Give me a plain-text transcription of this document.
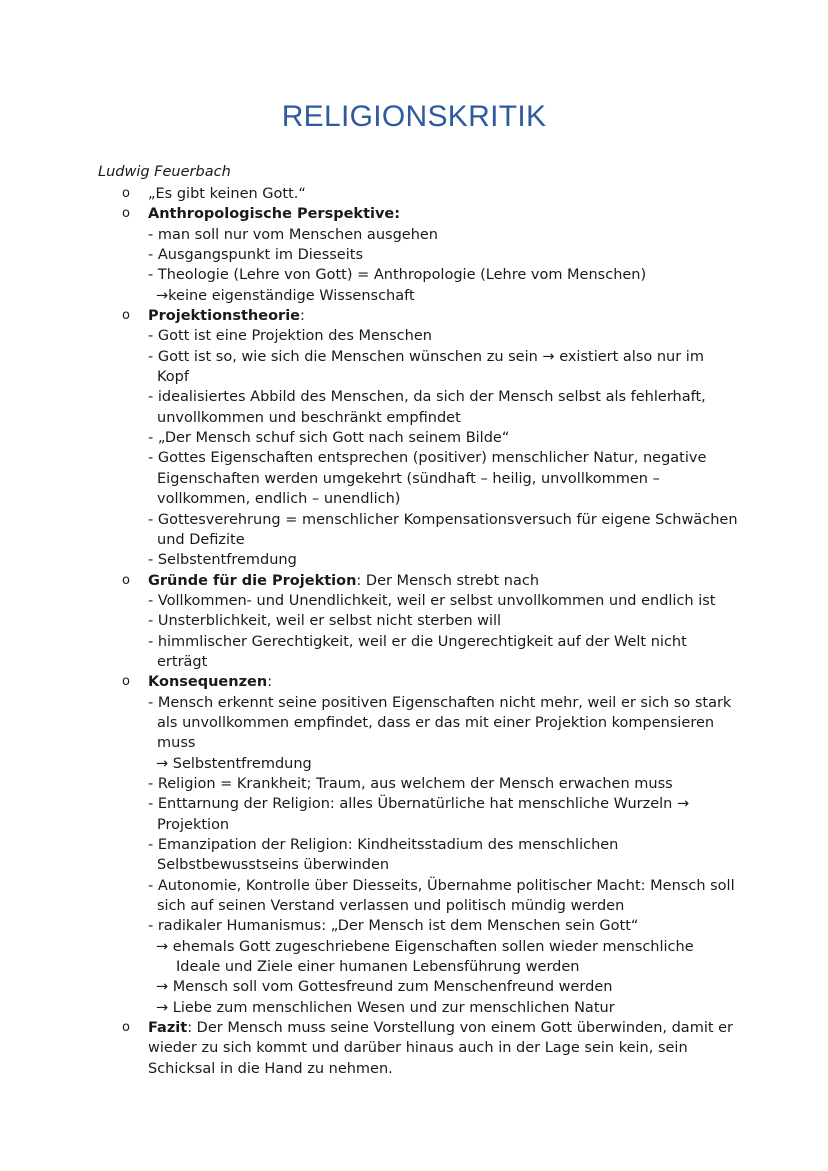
RELIGIONSKRITIK
Ludwig Feuerbach
o „Es gibt keinen Gott.“
o Anthropologische Perspektive:
- man soll nur vom Menschen ausgehen
- Ausgangspunkt im Diesseits
- Theologie (Lehre von Gott) = Anthropologie (Lehre vom Menschen)
→keine eigenständige Wissenschaft
o Projektionstheorie:
- Gott ist eine Projektion des Menschen
- Gott ist so, wie sich die Menschen wünschen zu sein → existiert also nur im Kopf
- idealisiertes Abbild des Menschen, da sich der Mensch selbst als fehlerhaft, unvollkommen und beschränkt empfindet
- „Der Mensch schuf sich Gott nach seinem Bilde“
- Gottes Eigenschaften entsprechen (positiver) menschlicher Natur, negative Eigenschaften werden umgekehrt (sündhaft – heilig, unvollkommen – vollkommen, endlich – unendlich)
- Gottesverehrung = menschlicher Kompensationsversuch für eigene Schwächen und Defizite
- Selbstentfremdung
o Gründe für die Projektion: Der Mensch strebt nach
- Vollkommen- und Unendlichkeit, weil er selbst unvollkommen und endlich ist
- Unsterblichkeit, weil er selbst nicht sterben will
- himmlischer Gerechtigkeit, weil er die Ungerechtigkeit auf der Welt nicht erträgt
o Konsequenzen:
- Mensch erkennt seine positiven Eigenschaften nicht mehr, weil er sich so stark als unvollkommen empfindet, dass er das mit einer Projektion kompensieren muss
→ Selbstentfremdung
- Religion = Krankheit; Traum, aus welchem der Mensch erwachen muss
- Enttarnung der Religion: alles Übernatürliche hat menschliche Wurzeln → Projektion
- Emanzipation der Religion: Kindheitsstadium des menschlichen Selbstbewusstseins überwinden
- Autonomie, Kontrolle über Diesseits, Übernahme politischer Macht: Mensch soll sich auf seinen Verstand verlassen und politisch mündig werden
- radikaler Humanismus: „Der Mensch ist dem Menschen sein Gott“
→ ehemals Gott zugeschriebene Eigenschaften sollen wieder menschliche Ideale und Ziele einer humanen Lebensführung werden
→ Mensch soll vom Gottesfreund zum Menschenfreund werden
→ Liebe zum menschlichen Wesen und zur menschlichen Natur
o Fazit: Der Mensch muss seine Vorstellung von einem Gott überwinden, damit er wieder zu sich kommt und darüber hinaus auch in der Lage sein kein, sein Schicksal in die Hand zu nehmen.
